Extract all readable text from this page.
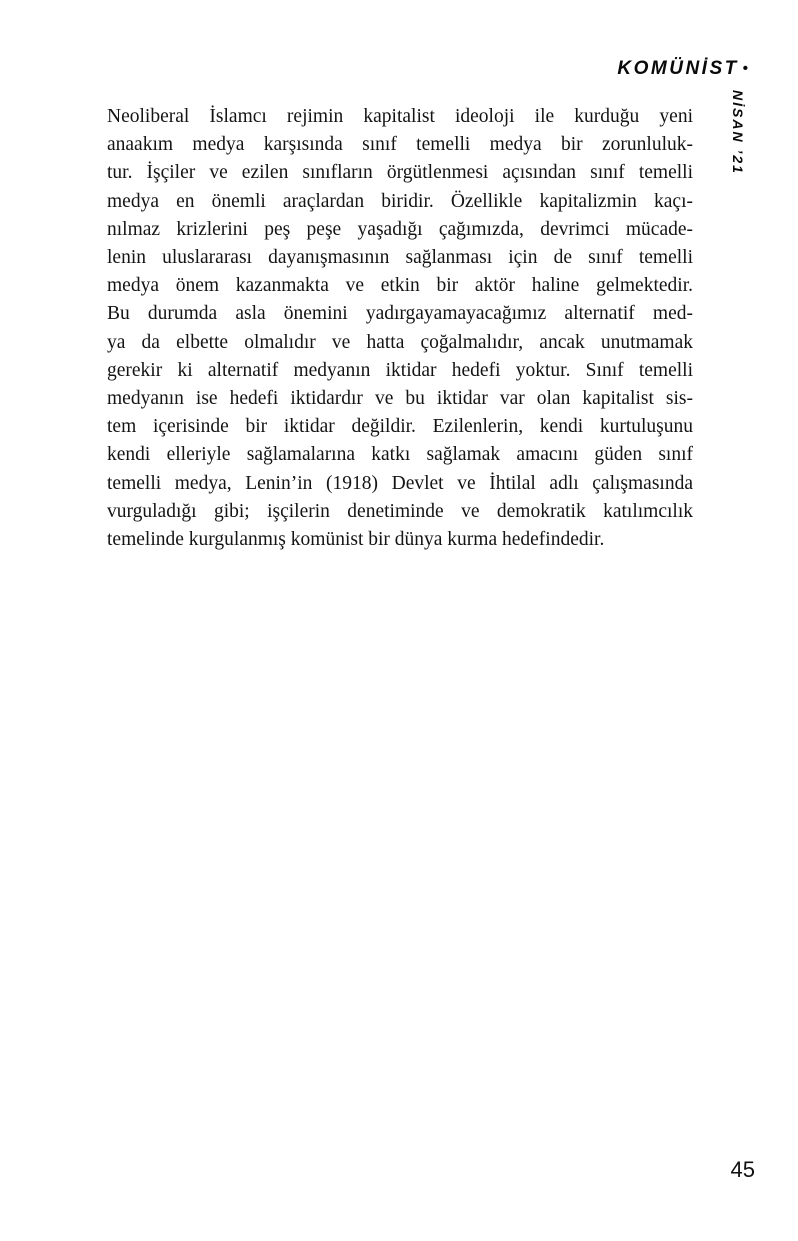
KOMÜNİST •
NİSAN ’21
Neoliberal İslamcı rejimin kapitalist ideoloji ile kurduğu yeni
anaakım medya karşısında sınıf temelli medya bir zorunluluk-
tur. İşçiler ve ezilen sınıfların örgütlenmesi açısından sınıf temelli
medya en önemli araçlardan biridir. Özellikle kapitalizmin kaçı-
nılmaz krizlerini peş peşe yaşadığı çağımızda, devrimci mücade-
lenin uluslararası dayanışmasının sağlanması için de sınıf temelli
medya önem kazanmakta ve etkin bir aktör haline gelmektedir.
Bu durumda asla önemini yadırgayamayacağımız alternatif med-
ya da elbette olmalıdır ve hatta çoğalmalıdır, ancak unutmamak
gerekir ki alternatif medyanın iktidar hedefi yoktur. Sınıf temelli
medyanın ise hedefi iktidardır ve bu iktidar var olan kapitalist sis-
tem içerisinde bir iktidar değildir. Ezilenlerin, kendi kurtuluşunu
kendi elleriyle sağlamalarına katkı sağlamak amacını güden sınıf
temelli medya, Lenin’in (1918) Devlet ve İhtilal adlı çalışmasında
vurguladığı gibi; işçilerin denetiminde ve demokratik katılımcılık
temelinde kurgulanmış komünist bir dünya kurma hedefindedir.
45
